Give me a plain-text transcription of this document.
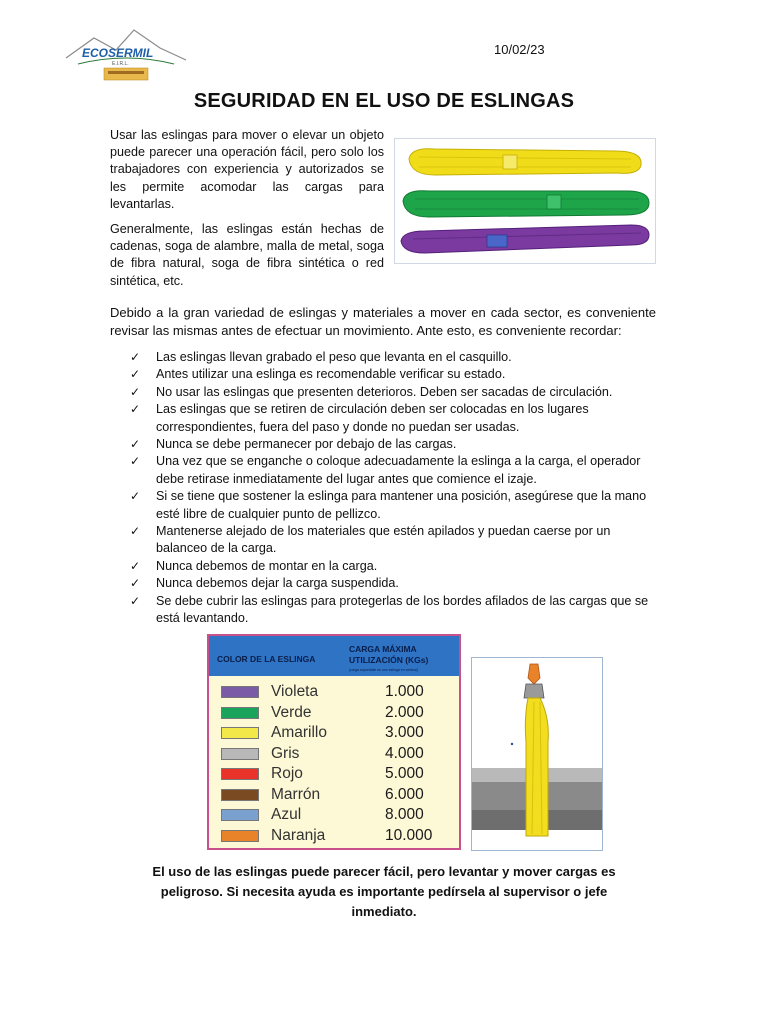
ECOSERMIL
E.I.R.L.
10/02/23
SEGURIDAD EN EL USO DE ESLINGAS

Usar las eslingas para mover o elevar un objeto puede parecer una operación fácil, pero solo los trabajadores con experiencia y autorizados se les permite acomodar las cargas para levantarlas.

Generalmente, las eslingas están hechas de cadenas, soga de alambre, malla de metal, soga de fibra natural, soga de fibra sintética o red sintética, etc.

Debido a la gran variedad de eslingas y materiales a mover en cada sector, es conveniente revisar las mismas antes de efectuar un movimiento. Ante esto, es conveniente recordar:

✓ Las eslingas llevan grabado el peso que levanta en el casquillo.
✓ Antes utilizar una eslinga es recomendable verificar su estado.
✓ No usar las eslingas que presenten deterioros. Deben ser sacadas de circulación.
✓ Las eslingas que se retiren de circulación deben ser colocadas en los lugares correspondientes, fuera del paso y donde no puedan ser usadas.
✓ Nunca se debe permanecer por debajo de las cargas.
✓ Una vez que se enganche o coloque adecuadamente la eslinga a la carga, el operador debe retirase inmediatamente del lugar antes que comience el izaje.
✓ Si se tiene que sostener la eslinga para mantener una posición, asegúrese que la mano esté libre de cualquier punto de pellizco.
✓ Mantenerse alejado de los materiales que estén apilados y puedan caerse por un balanceo de la carga.
✓ Nunca debemos de montar en la carga.
✓ Nunca debemos dejar la carga suspendida.
✓ Se debe cubrir las eslingas para protegerlas de los bordes afilados de las cargas que se está levantando.
COLOR DE LA ESLINGA
CARGA MÁXIMA UTILIZACIÓN (KGs)
(carga soportable en uso eslinga en vertical)
Violeta	1.000
Verde	2.000
Amarillo	3.000
Gris	4.000
Rojo	5.000
Marrón	6.000
Azul	8.000
Naranja	10.000

El uso de las eslingas puede parecer fácil, pero levantar y mover cargas es peligroso. Si necesita ayuda es importante pedírsela al supervisor o jefe inmediato.
